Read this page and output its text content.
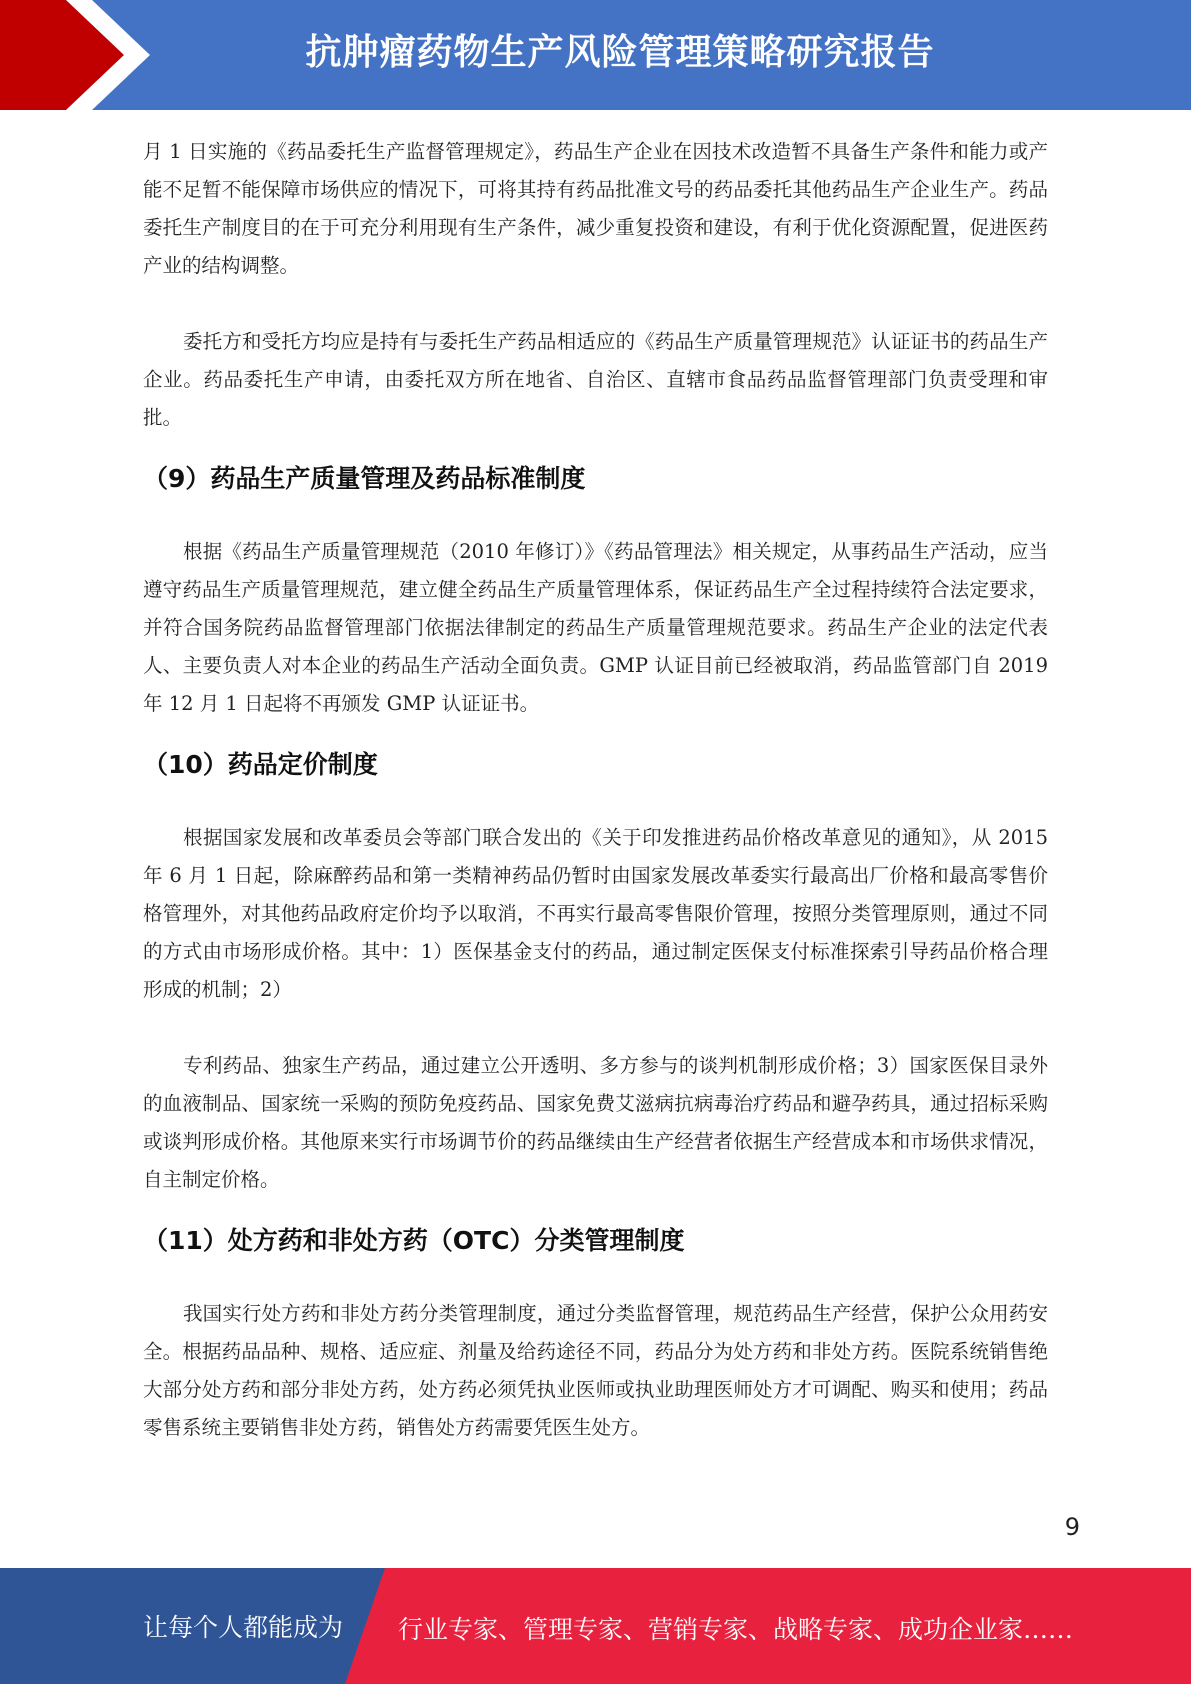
抗肿瘤药物生产风险管理策略研究报告

月 1 日实施的《药品委托生产监督管理规定》，药品生产企业在因技术改造暂不具备生产条件和能力或产能不足暂不能保障市场供应的情况下，可将其持有药品批准文号的药品委托其他药品生产企业生产。药品委托生产制度目的在于可充分利用现有生产条件，减少重复投资和建设，有利于优化资源配置，促进医药产业的结构调整。

委托方和受托方均应是持有与委托生产药品相适应的《药品生产质量管理规范》认证证书的药品生产企业。药品委托生产申请，由委托双方所在地省、自治区、直辖市食品药品监督管理部门负责受理和审批。

（9）药品生产质量管理及药品标准制度

根据《药品生产质量管理规范（2010 年修订）》《药品管理法》相关规定，从事药品生产活动，应当遵守药品生产质量管理规范，建立健全药品生产质量管理体系，保证药品生产全过程持续符合法定要求，并符合国务院药品监督管理部门依据法律制定的药品生产质量管理规范要求。药品生产企业的法定代表人、主要负责人对本企业的药品生产活动全面负责。GMP 认证目前已经被取消，药品监管部门自 2019 年 12 月 1 日起将不再颁发 GMP 认证证书。

（10）药品定价制度

根据国家发展和改革委员会等部门联合发出的《关于印发推进药品价格改革意见的通知》，从 2015 年 6 月 1 日起，除麻醉药品和第一类精神药品仍暂时由国家发展改革委实行最高出厂价格和最高零售价格管理外，对其他药品政府定价均予以取消，不再实行最高零售限价管理，按照分类管理原则，通过不同的方式由市场形成价格。其中：1）医保基金支付的药品，通过制定医保支付标准探索引导药品价格合理形成的机制；2）

专利药品、独家生产药品，通过建立公开透明、多方参与的谈判机制形成价格；3）国家医保目录外的血液制品、国家统一采购的预防免疫药品、国家免费艾滋病抗病毒治疗药品和避孕药具，通过招标采购或谈判形成价格。其他原来实行市场调节价的药品继续由生产经营者依据生产经营成本和市场供求情况，自主制定价格。

（11）处方药和非处方药（OTC）分类管理制度

我国实行处方药和非处方药分类管理制度，通过分类监督管理，规范药品生产经营，保护公众用药安全。根据药品品种、规格、适应症、剂量及给药途径不同，药品分为处方药和非处方药。医院系统销售绝大部分处方药和部分非处方药，处方药必须凭执业医师或执业助理医师处方才可调配、购买和使用；药品零售系统主要销售非处方药，销售处方药需要凭医生处方。

9
让每个人都能成为 行业专家、管理专家、营销专家、战略专家、成功企业家……
